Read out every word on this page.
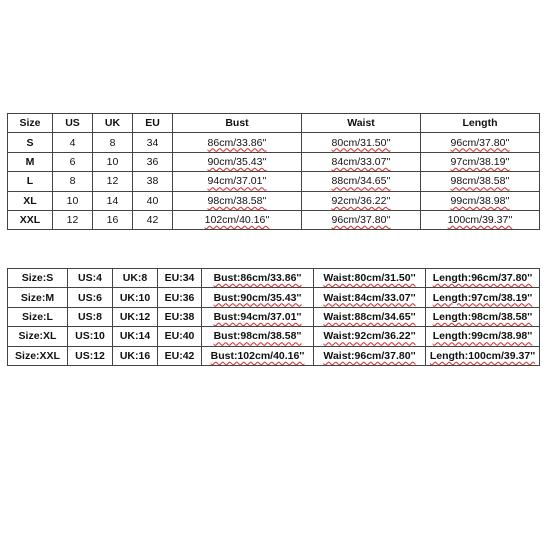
Size	US	UK	EU	Bust	Waist	Length
S	4	8	34	86cm/33.86''	80cm/31.50''	96cm/37.80''
M	6	10	36	90cm/35.43''	84cm/33.07''	97cm/38.19''
L	8	12	38	94cm/37.01''	88cm/34.65''	98cm/38.58''
XL	10	14	40	98cm/38.58''	92cm/36.22''	99cm/38.98''
XXL	12	16	42	102cm/40.16''	96cm/37.80''	100cm/39.37''
Size:S	US:4	UK:8	EU:34	Bust:86cm/33.86''	Waist:80cm/31.50''	Length:96cm/37.80''
Size:M	US:6	UK:10	EU:36	Bust:90cm/35.43''	Waist:84cm/33.07''	Length:97cm/38.19''
Size:L	US:8	UK:12	EU:38	Bust:94cm/37.01''	Waist:88cm/34.65''	Length:98cm/38.58''
Size:XL	US:10	UK:14	EU:40	Bust:98cm/38.58''	Waist:92cm/36.22''	Length:99cm/38.98''
Size:XXL	US:12	UK:16	EU:42	Bust:102cm/40.16''	Waist:96cm/37.80''	Length:100cm/39.37''
